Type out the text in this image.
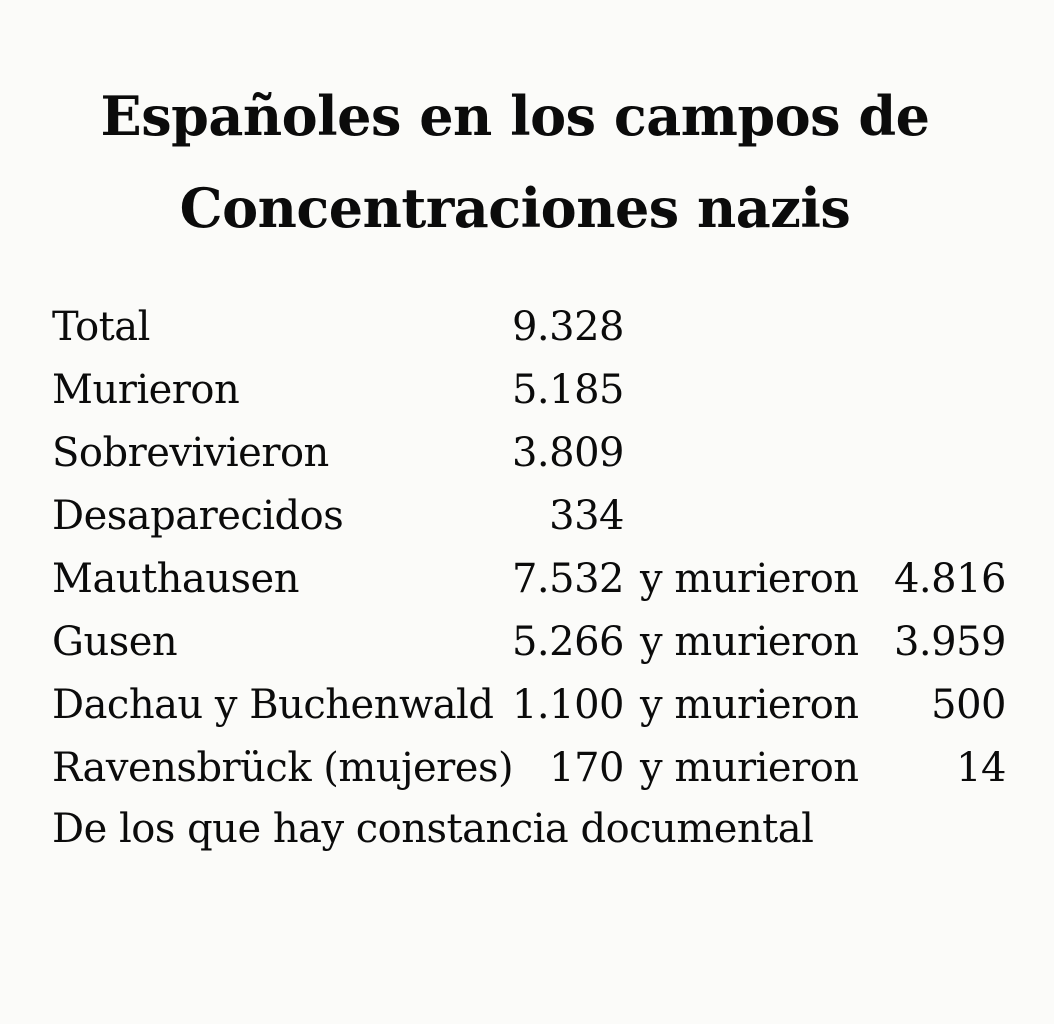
Españoles en los campos de
Concentraciones nazis
Total	9.328
Murieron	5.185
Sobrevivieron	3.809
Desaparecidos	334
Mauthausen	7.532 y murieron 4.816
Gusen	5.266 y murieron 3.959
Dachau y Buchenwald 1.100 y murieron 500
Ravensbrück (mujeres) 170 y murieron 14
De los que hay constancia documental
